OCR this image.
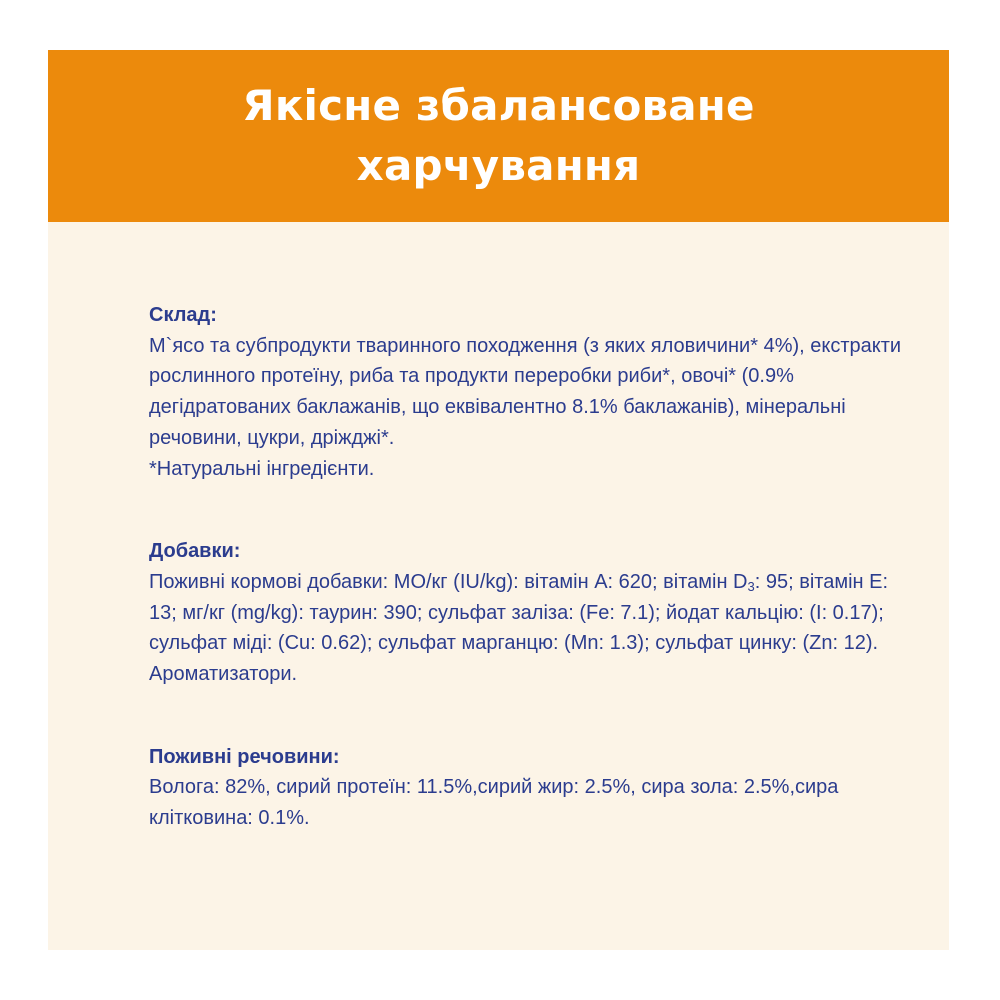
Якісне збалансоване
харчування
Склад:

М`ясо та субпродукти тваринного походження (з яких яловичини* 4%), екстракти рослинного протеїну, риба та продукти переробки риби*, овочі* (0.9% дегідратованих баклажанів, що еквівалентно 8.1% баклажанів), мінеральні речовини, цукри, дріжджі*.

*Натуральні інгредієнти.

Добавки:

Поживні кормові добавки: МО/кг (IU/kg): вітамін А: 620; вітамін $D_3$: 95; вітамін Е: 13; мг/кг (mg/kg): таурин: 390; сульфат заліза: (Fe: 7.1); йодат кальцію: (I: 0.17); сульфат міді: (Cu: 0.62); сульфат марганцю: (Mn: 1.3); сульфат цинку: (Zn: 12). Ароматизатори.

Поживні речовини:

Волога: 82%, сирий протеїн: 11.5%,сирий жир: 2.5%, сира зола: 2.5%,сира клітковина: 0.1%.
